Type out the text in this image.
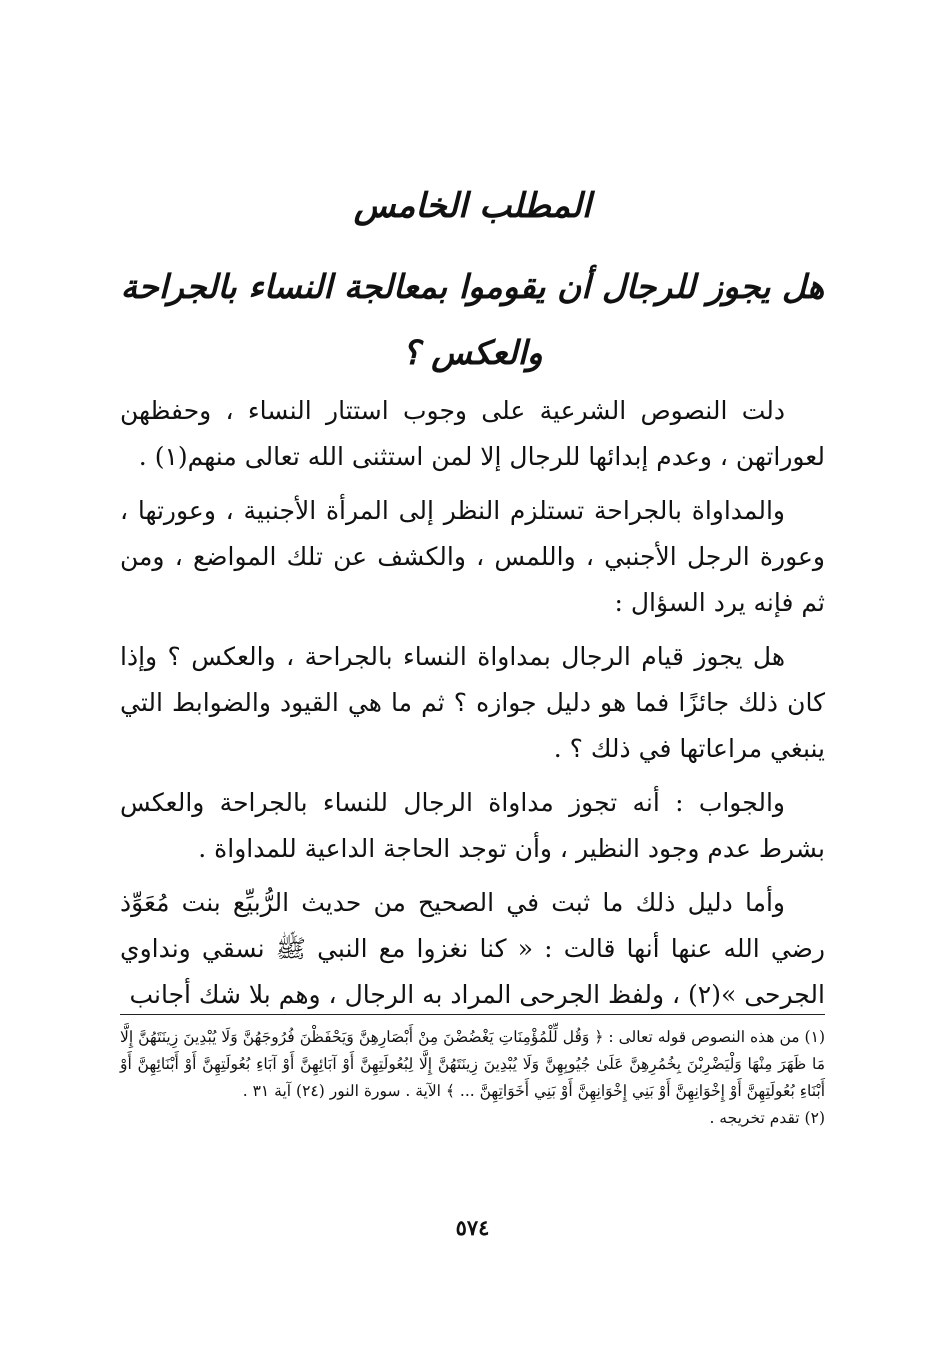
المطلب الخامس
هل يجوز للرجال أن يقوموا بمعالجة النساء بالجراحة والعكس ؟

دلت النصوص الشرعية على وجوب استتار النساء ، وحفظهن لعوراتهن ، وعدم إبدائها للرجال إلا لمن استثنى الله تعالى منهم(١) .

والمداواة بالجراحة تستلزم النظر إلى المرأة الأجنبية ، وعورتها ، وعورة الرجل الأجنبي ، واللمس ، والكشف عن تلك المواضع ، ومن ثم فإنه يرد السؤال :

هل يجوز قيام الرجال بمداواة النساء بالجراحة ، والعكس ؟ وإذا كان ذلك جائزًا فما هو دليل جوازه ؟ ثم ما هي القيود والضوابط التي ينبغي مراعاتها في ذلك ؟ .

والجواب : أنه تجوز مداواة الرجال للنساء بالجراحة والعكس بشرط عدم وجود النظير ، وأن توجد الحاجة الداعية للمداواة .

وأما دليل ذلك ما ثبت في الصحيح من حديث الرُّبيِّع بنت مُعَوِّذ رضي الله عنها أنها قالت : « كنا نغزوا مع النبي ﷺ نسقي ونداوي الجرحى »(٢) ، ولفظ الجرحى المراد به الرجال ، وهم بلا شك أجانب

(١) من هذه النصوص قوله تعالى : ﴿ وَقُل لِّلْمُؤْمِنَاتِ يَغْضُضْنَ مِنْ أَبْصَارِهِنَّ وَيَحْفَظْنَ فُرُوجَهُنَّ وَلَا يُبْدِينَ زِينَتَهُنَّ إِلَّا مَا ظَهَرَ مِنْهَا وَلْيَضْرِبْنَ بِخُمُرِهِنَّ عَلَىٰ جُيُوبِهِنَّ وَلَا يُبْدِينَ زِينَتَهُنَّ إِلَّا لِبُعُولَتِهِنَّ أَوْ آبَائِهِنَّ أَوْ آبَاءِ بُعُولَتِهِنَّ أَوْ أَبْنَائِهِنَّ أَوْ أَبْنَاءِ بُعُولَتِهِنَّ أَوْ إِخْوَانِهِنَّ أَوْ بَنِي إِخْوَانِهِنَّ أَوْ بَنِي أَخَوَاتِهِنَّ ... ﴾ الآية . سورة النور (٢٤) آية ٣١ .

(٢) تقدم تخريجه .

٥٧٤
